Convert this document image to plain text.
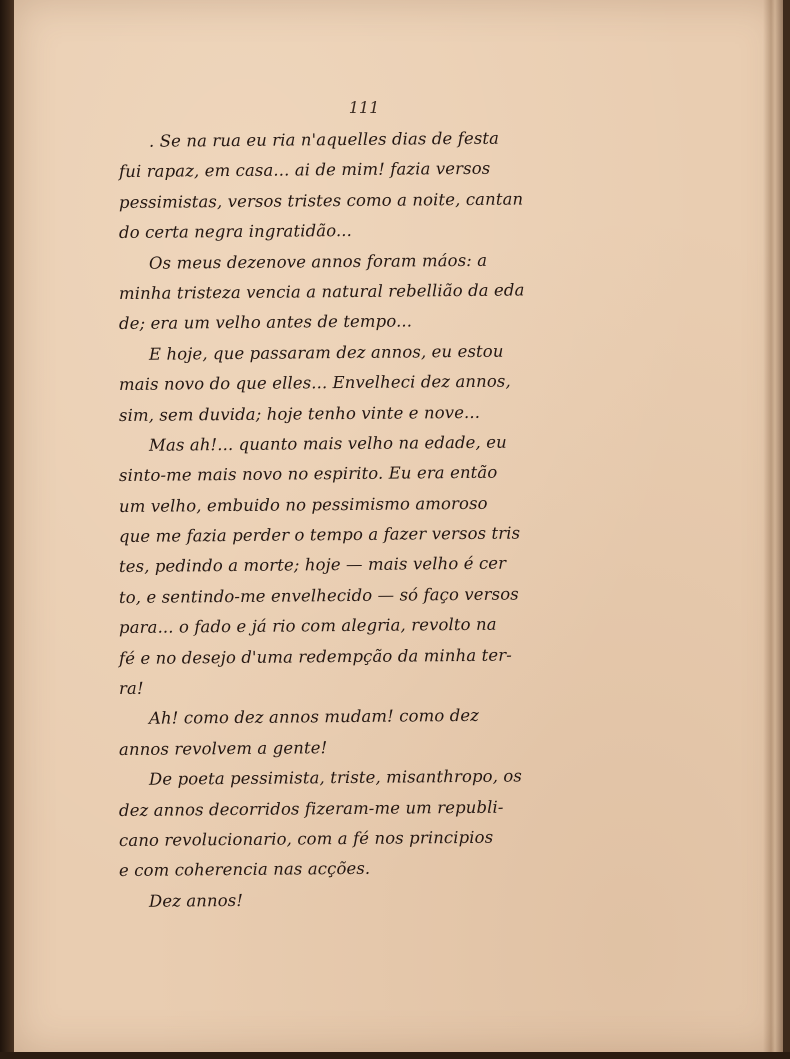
111
. Se na rua eu ria n'aquelles dias de festa
fui rapaz, em casa... ai de mim! fazia versos
pessimistas, versos tristes como a noite, cantan
do certa negra ingratidão...
Os meus dezenove annos foram máos: a
minha tristeza vencia a natural rebellião da eda
de; era um velho antes de tempo...
E hoje, que passaram dez annos, eu estou
mais novo do que elles... Envelheci dez annos,
sim, sem duvida; hoje tenho vinte e nove...
Mas ah!... quanto mais velho na edade, eu
sinto-me mais novo no espirito. Eu era então
um velho, embuido no pessimismo amoroso
que me fazia perder o tempo a fazer versos tris
tes, pedindo a morte; hoje — mais velho é cer
to, e sentindo-me envelhecido — só faço versos
para... o fado e já rio com alegria, revolto na
fé e no desejo d'uma redempção da minha ter-
ra!
Ah! como dez annos mudam! como dez
annos revolvem a gente!
De poeta pessimista, triste, misanthropo, os
dez annos decorridos fizeram-me um republi-
cano revolucionario, com a fé nos principios
e com coherencia nas acções.
Dez annos!
